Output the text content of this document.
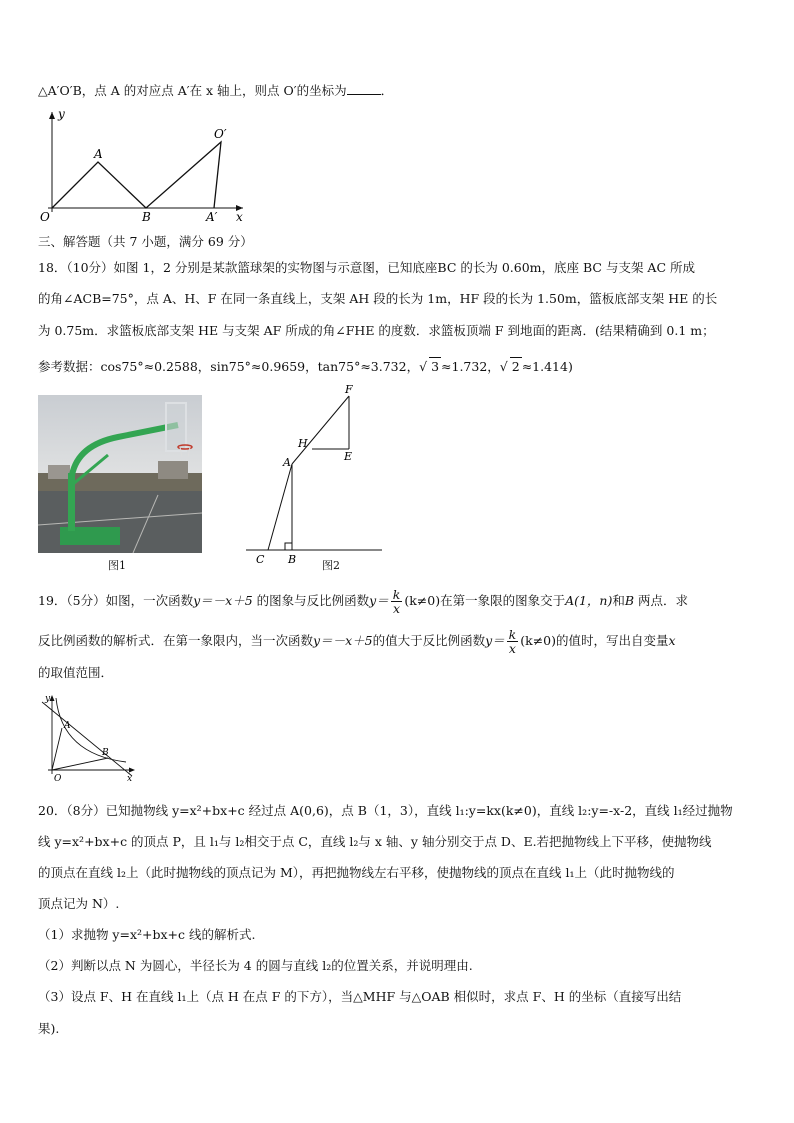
△A′O′B，点 A 的对应点 A′在 x 轴上，则点 O′的坐标为	．
y
A
O′
O	B	A′ x
三、解答题（共 7 小题，满分 69 分）
18．（10分）如图 1，2 分别是某款篮球架的实物图与示意图，已知底座BC 的长为 0.60m，底座 BC 与支架 AC 所成
的角∠ACB=75°，点 A、H、F 在同一条直线上，支架 AH 段的长为 1m，HF 段的长为 1.50m，篮板底部支架 HE 的长
为 0.75m．求篮板底部支架 HE 与支架 AF 所成的角∠FHE 的度数．求篮板顶端 F 到地面的距离．(结果精确到 0.1 m；
参考数据：cos75°≈0.2588，sin75°≈0.9659，tan75°≈3.732，√ 3 ≈1.732，√ 2 ≈1.414)
图1
F
H
E
A
C B 图2
19．（5分）如图，一次函数y＝－x＋5 的图象与反比例函数$y= \frac{k}{x} (k\ne 0)$在第一象限的图象交于A(1，n)和B 两点．求
反比例函数的解析式．在第一象限内，当一次函数y＝－x＋5的值大于反比例函数$y= \frac{k}{x} (k\ne 0)$的值时，写出自变量x
的取值范围．
y
A
B
O	x
20．（8分）已知抛物线 y=x²+bx+c 经过点 A(0,6)，点 B（1，3），直线 l₁:y=kx(k≠0)，直线 l₂:y=-x-2，直线 l₁经过抛物
线 y=x²+bx+c 的顶点 P，且 l₁与 l₂相交于点 C，直线 l₂与 x 轴、y 轴分别交于点 D、E.若把抛物线上下平移，使抛物线
的顶点在直线 l₂上（此时抛物线的顶点记为 M），再把抛物线左右平移，使抛物线的顶点在直线 l₁上（此时抛物线的
顶点记为 N）.
（1）求抛物 y=x²+bx+c 线的解析式.
（2）判断以点 N 为圆心，半径长为 4 的圆与直线 l₂的位置关系，并说明理由.
（3）设点 F、H 在直线 l₁上（点 H 在点 F 的下方），当△MHF 与△OAB 相似时，求点 F、H 的坐标（直接写出结
果).
